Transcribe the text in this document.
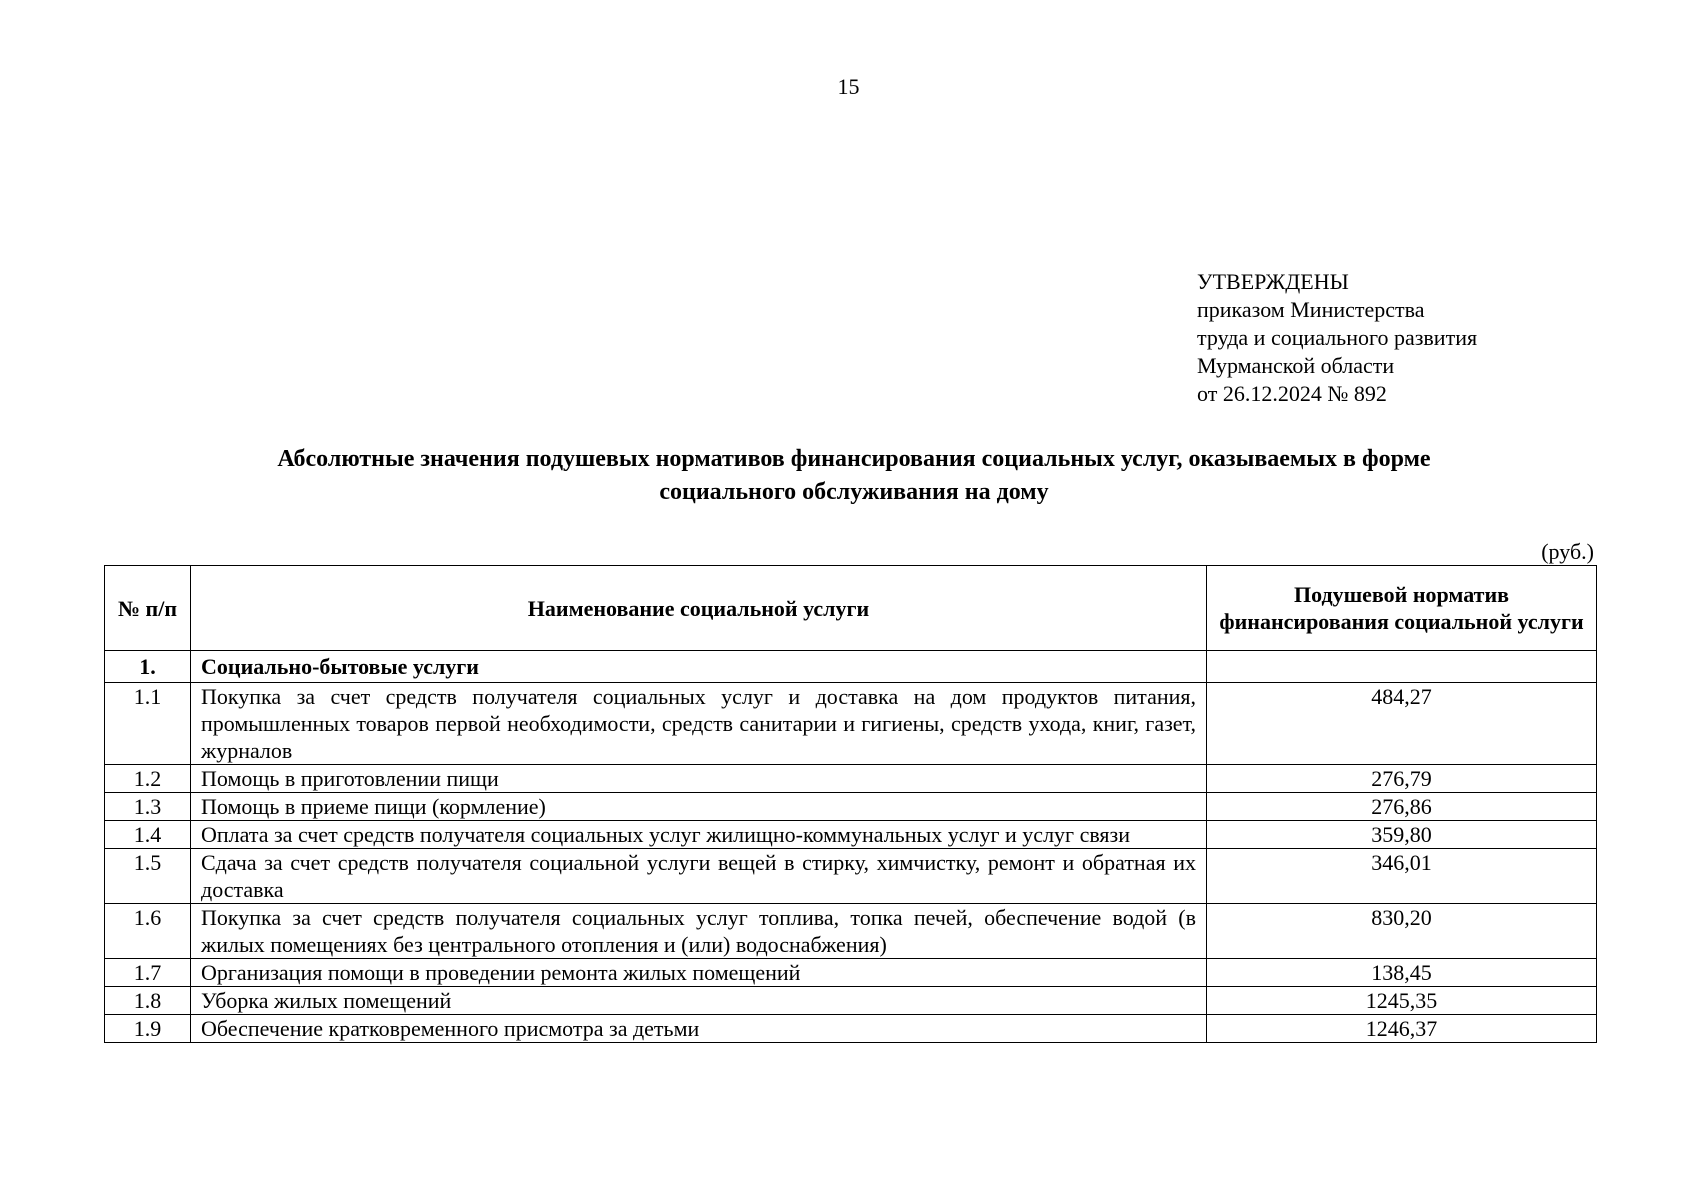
15
УТВЕРЖДЕНЫ
приказом Министерства
труда и социального развития
Мурманской области
от 26.12.2024 № 892
Абсолютные значения подушевых нормативов финансирования социальных услуг, оказываемых в форме
социального обслуживания на дому
(руб.)
№ п/п	Наименование социальной услуги	Подушевой норматив финансирования социальной услуги
1.	Социально-бытовые услуги	
1.1	Покупка за счет средств получателя социальных услуг и доставка на дом продуктов питания, промышленных товаров первой необходимости, средств санитарии и гигиены, средств ухода, книг, газет, журналов	484,27
1.2	Помощь в приготовлении пищи	276,79
1.3	Помощь в приеме пищи (кормление)	276,86
1.4	Оплата за счет средств получателя социальных услуг жилищно-коммунальных услуг и услуг связи	359,80
1.5	Сдача за счет средств получателя социальной услуги вещей в стирку, химчистку, ремонт и обратная их доставка	346,01
1.6	Покупка за счет средств получателя социальных услуг топлива, топка печей, обеспечение водой (в жилых помещениях без центрального отопления и (или) водоснабжения)	830,20
1.7	Организация помощи в проведении ремонта жилых помещений	138,45
1.8	Уборка жилых помещений	1245,35
1.9	Обеспечение кратковременного присмотра за детьми	1246,37
